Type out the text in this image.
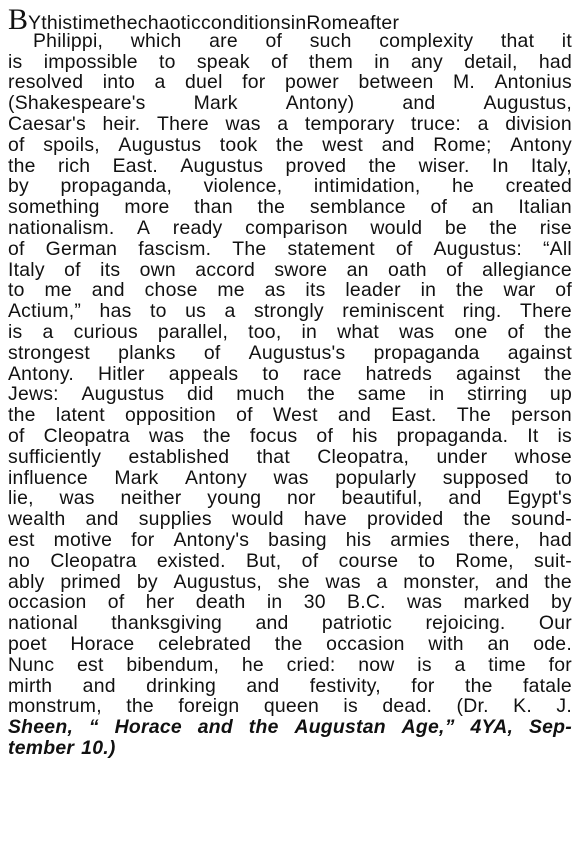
BYthistimethechaoticconditionsinRomeafter
Philippi, which are of such complexity that it
is impossible to speak of them in any detail, had
resolved into a duel for power between M. Antonius
(Shakespeare's Mark Antony) and Augustus,
Caesar's heir. There was a temporary truce: a division
of spoils, Augustus took the west and Rome; Antony
the rich East. Augustus proved the wiser. In Italy,
by propaganda, violence, intimidation, he created
something more than the semblance of an Italian
nationalism. A ready comparison would be the rise
of German fascism. The statement of Augustus: “All
Italy of its own accord swore an oath of allegiance
to me and chose me as its leader in the war of
Actium,” has to us a strongly reminiscent ring. There
is a curious parallel, too, in what was one of the
strongest planks of Augustus's propaganda against
Antony. Hitler appeals to race hatreds against the
Jews: Augustus did much the same in stirring up
the latent opposition of West and East. The person
of Cleopatra was the focus of his propaganda. It is
sufficiently established that Cleopatra, under whose
influence Mark Antony was popularly supposed to
lie, was neither young nor beautiful, and Egypt's
wealth and supplies would have provided the sound-
est motive for Antony's basing his armies there, had
no Cleopatra existed. But, of course to Rome, suit-
ably primed by Augustus, she was a monster, and the
occasion of her death in 30 B.C. was marked by
national thanksgiving and patriotic rejoicing. Our
poet Horace celebrated the occasion with an ode.
Nunc est bibendum, he cried: now is a time for
mirth and drinking and festivity, for the fatale
monstrum, the foreign queen is dead. (Dr. K. J.
Sheen, “ Horace and the Augustan Age,” 4YA, Sep-
tember 10.)
